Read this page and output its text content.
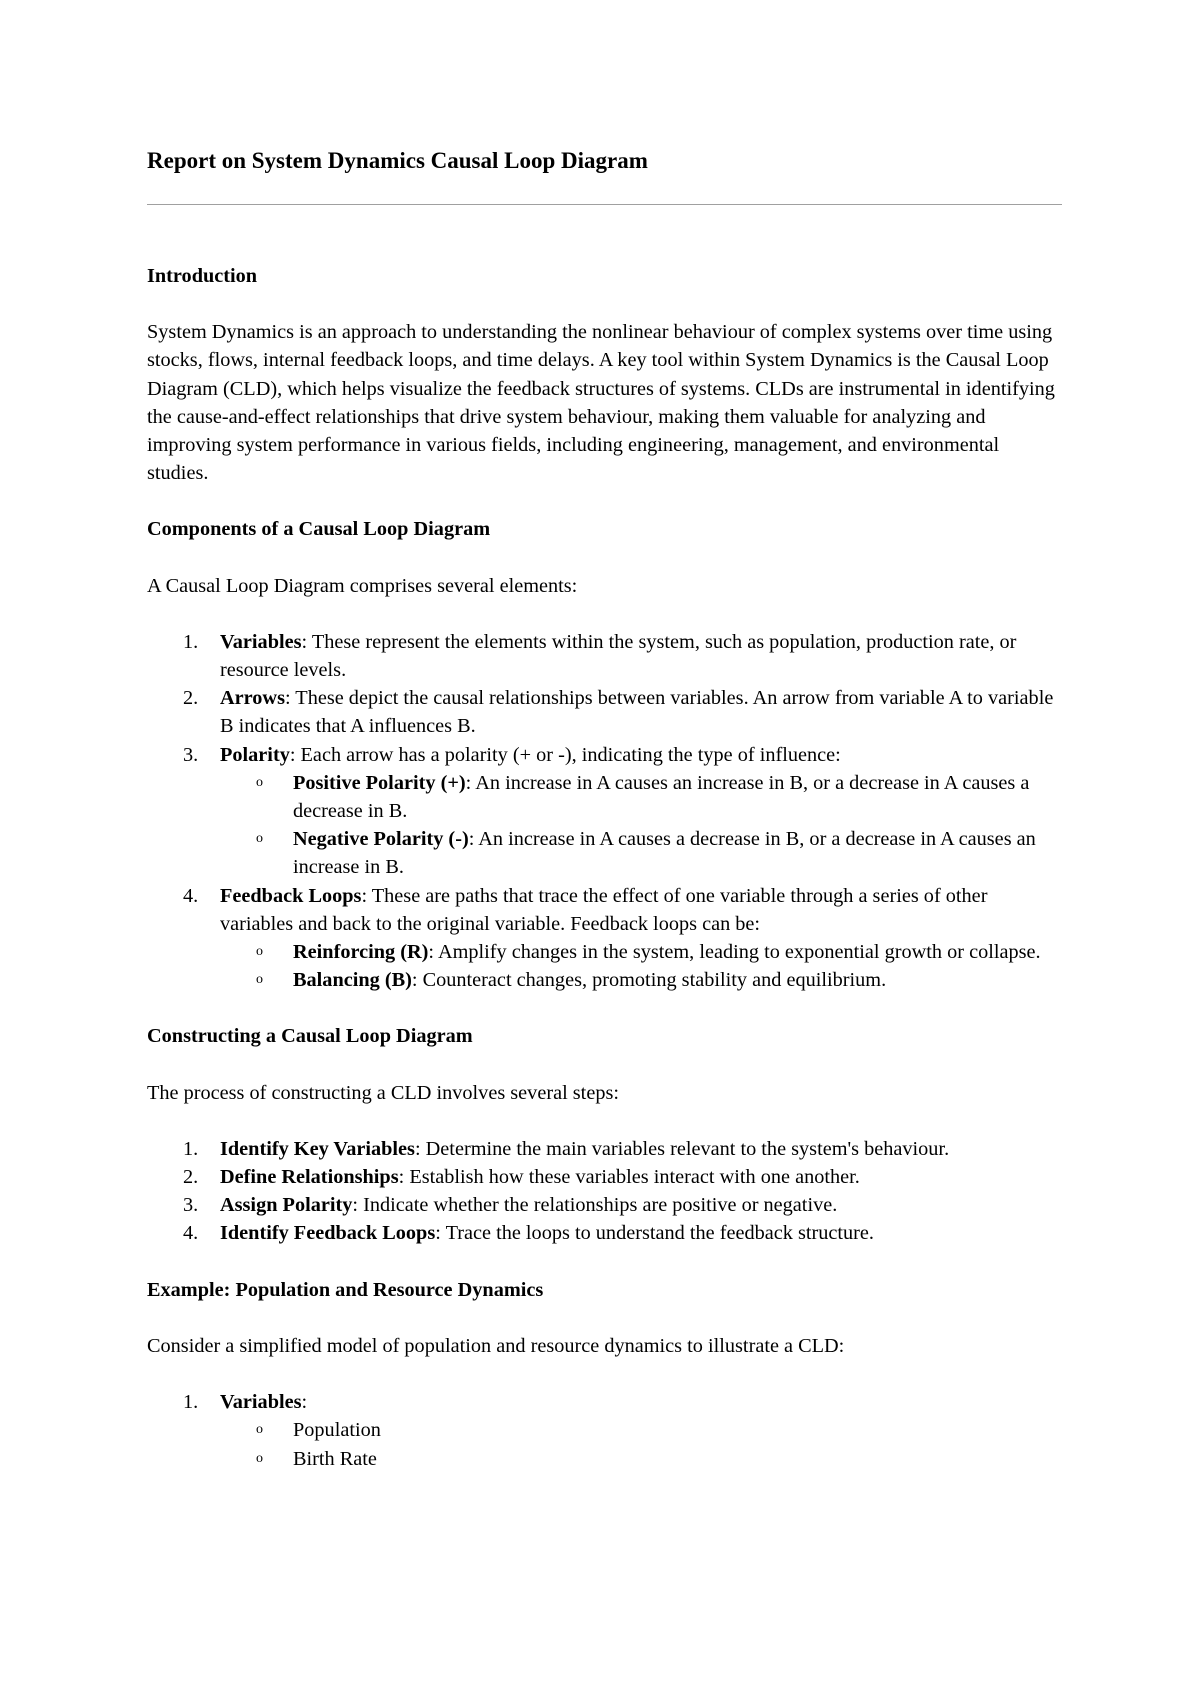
Report on System Dynamics Causal Loop Diagram
Introduction

System Dynamics is an approach to understanding the nonlinear behaviour of complex systems over time using stocks, flows, internal feedback loops, and time delays. A key tool within System Dynamics is the Causal Loop Diagram (CLD), which helps visualize the feedback structures of systems. CLDs are instrumental in identifying the cause-and-effect relationships that drive system behaviour, making them valuable for analyzing and improving system performance in various fields, including engineering, management, and environmental studies.

Components of a Causal Loop Diagram

A Causal Loop Diagram comprises several elements:

1.	Variables: These represent the elements within the system, such as population, production rate, or resource levels.
2.	Arrows: These depict the causal relationships between variables. An arrow from variable A to variable B indicates that A influences B.
3.	Polarity: Each arrow has a polarity (+ or -), indicating the type of influence:
o Positive Polarity (+): An increase in A causes an increase in B, or a decrease in A causes a decrease in B.
o Negative Polarity (-): An increase in A causes a decrease in B, or a decrease in A causes an increase in B.
4.	Feedback Loops: These are paths that trace the effect of one variable through a series of other variables and back to the original variable. Feedback loops can be:
o Reinforcing (R): Amplify changes in the system, leading to exponential growth or collapse.
o Balancing (B): Counteract changes, promoting stability and equilibrium.
Constructing a Causal Loop Diagram

The process of constructing a CLD involves several steps:

1.	Identify Key Variables: Determine the main variables relevant to the system's behaviour.
2.	Define Relationships: Establish how these variables interact with one another.
3.	Assign Polarity: Indicate whether the relationships are positive or negative.
4.	Identify Feedback Loops: Trace the loops to understand the feedback structure.
Example: Population and Resource Dynamics

Consider a simplified model of population and resource dynamics to illustrate a CLD:

1.	Variables:
o Population
o Birth Rate
